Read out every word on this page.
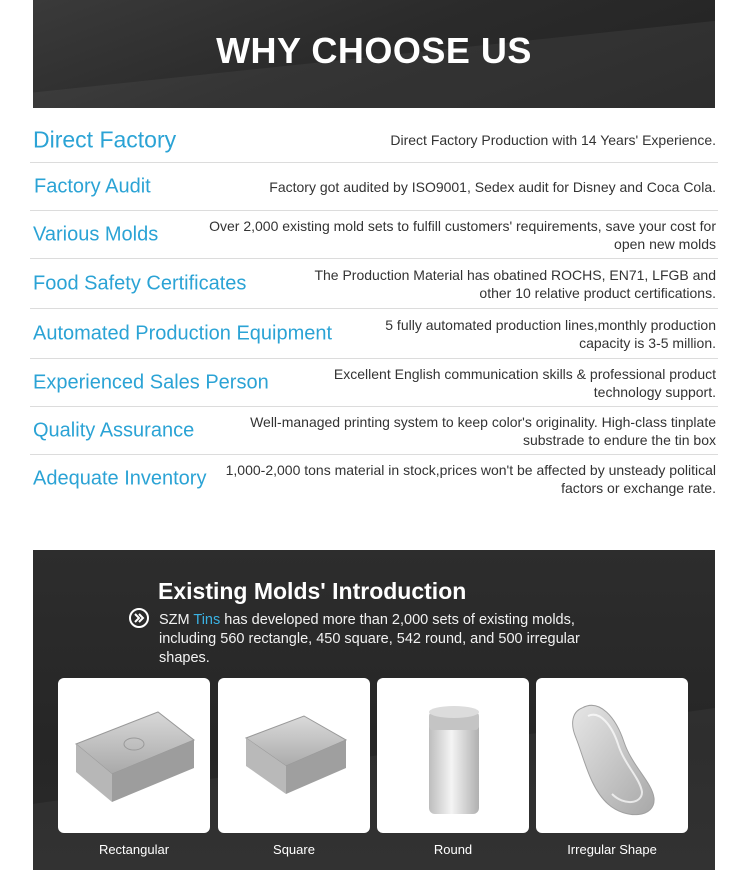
WHY CHOOSE US
Direct Factory	Direct Factory Production with 14 Years' Experience.
Factory Audit	Factory got audited by ISO9001, Sedex audit for Disney and Coca Cola.
Various Molds	Over 2,000 existing mold sets to fulfill customers' requirements, save your cost for open new molds
Food Safety Certificates	The Production Material has obatined ROCHS, EN71, LFGB and other 10 relative product certifications.
Automated Production Equipment	5 fully automated production lines,monthly production capacity is 3-5 million.
Experienced Sales Person	Excellent English communication skills & professional product technology support.
Quality Assurance	Well-managed printing system to keep color's originality. High-class tinplate substrade to endure the tin box
Adequate Inventory	1,000-2,000 tons material in stock,prices won't be affected by unsteady political factors or exchange rate.
Existing Molds' Introduction
SZM Tins has developed more than 2,000 sets of existing molds, including 560 rectangle, 450 square, 542 round, and 500 irregular shapes.
Rectangular	Square	Round	Irregular Shape
